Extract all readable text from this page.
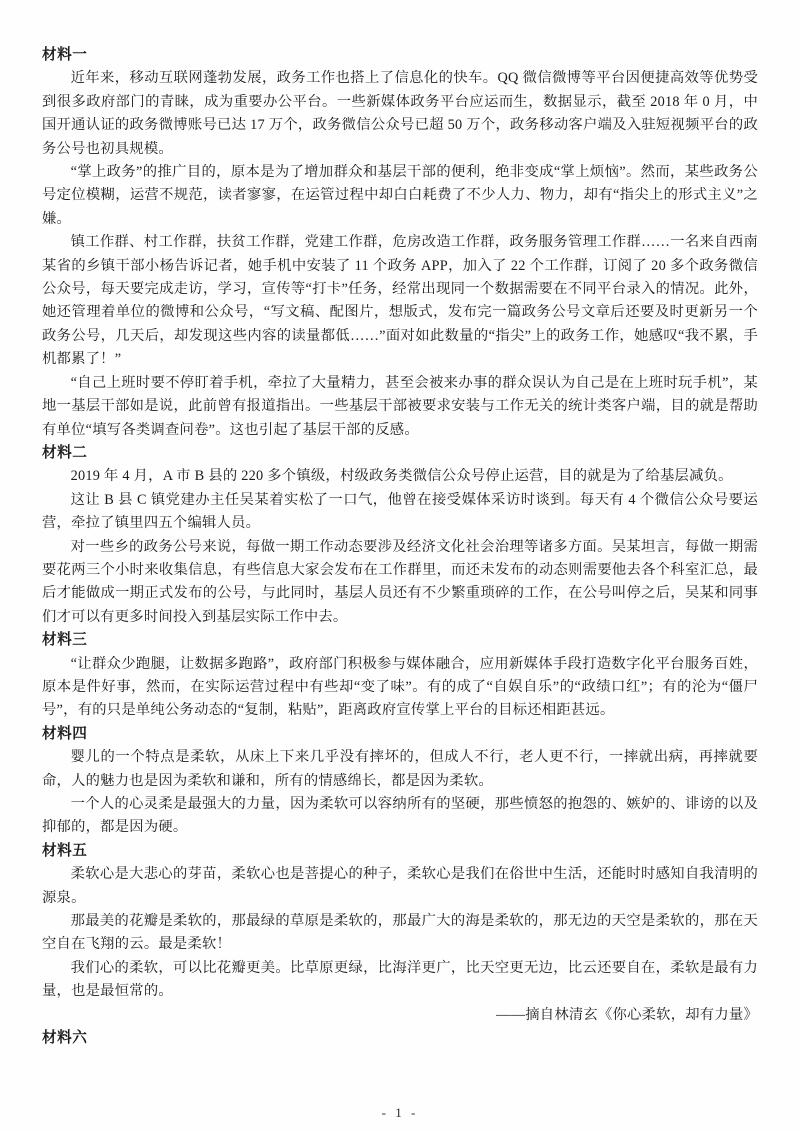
材料一

近年来，移动互联网蓬勃发展，政务工作也搭上了信息化的快车。QQ 微信微博等平台因便捷高效等优势受到很多政府部门的青睐，成为重要办公平台。一些新媒体政务平台应运而生，数据显示，截至 2018 年 0 月，中国开通认证的政务微博账号已达 17 万个，政务微信公众号已超 50 万个，政务移动客户端及入驻短视频平台的政务公号也初具规模。

“掌上政务”的推广目的，原本是为了增加群众和基层干部的便利，绝非变成“掌上烦恼”。然而，某些政务公号定位模糊，运营不规范，读者寥寥，在运管过程中却白白耗费了不少人力、物力，却有“指尖上的形式主义”之嫌。

镇工作群、村工作群，扶贫工作群，党建工作群，危房改造工作群，政务服务管理工作群……一名来自西南某省的乡镇干部小杨告诉记者，她手机中安装了 11 个政务 APP，加入了 22 个工作群，订阅了 20 多个政务微信公众号，每天要完成走访，学习，宣传等“打卡”任务，经常出现同一个数据需要在不同平台录入的情况。此外，她还管理着单位的微博和公众号，“写文稿、配图片，想版式，发布完一篇政务公号文章后还要及时更新另一个政务公号，几天后，却发现这些内容的读量都低……”面对如此数量的“指尖”上的政务工作，她感叹“我不累，手机都累了！”

“自己上班时要不停盯着手机，牵拉了大量精力，甚至会被来办事的群众误认为自己是在上班时玩手机”，某地一基层干部如是说，此前曾有报道指出。一些基层干部被要求安装与工作无关的统计类客户端，目的就是帮助有单位“填写各类调查问卷”。这也引起了基层干部的反感。

材料二

2019 年 4 月，A 市 B 县的 220 多个镇级，村级政务类微信公众号停止运营，目的就是为了给基层减负。

这让 B 县 C 镇党建办主任吴某着实松了一口气，他曾在接受媒体采访时谈到。每天有 4 个微信公众号要运营，牵拉了镇里四五个编辑人员。

对一些乡的政务公号来说，每做一期工作动态要涉及经济文化社会治理等诸多方面。吴某坦言，每做一期需要花两三个小时来收集信息，有些信息大家会发布在工作群里，而还未发布的动态则需要他去各个科室汇总，最后才能做成一期正式发布的公号，与此同时，基层人员还有不少繁重琐碎的工作，在公号叫停之后，吴某和同事们才可以有更多时间投入到基层实际工作中去。

材料三

“让群众少跑腿，让数据多跑路”，政府部门积极参与媒体融合，应用新媒体手段打造数字化平台服务百姓，原本是件好事，然而，在实际运营过程中有些却“变了味”。有的成了“自娱自乐”的“政绩口红”；有的沦为“僵尸号”，有的只是单纯公务动态的“复制，粘贴”，距离政府宣传掌上平台的目标还相距甚远。

材料四

婴儿的一个特点是柔软，从床上下来几乎没有摔坏的，但成人不行，老人更不行，一摔就出病，再摔就要命，人的魅力也是因为柔软和谦和，所有的情感绵长，都是因为柔软。

一个人的心灵柔是最强大的力量，因为柔软可以容纳所有的坚硬，那些愤怒的抱怨的、嫉妒的、诽谤的以及抑郁的，都是因为硬。

材料五

柔软心是大悲心的芽苗，柔软心也是菩提心的种子，柔软心是我们在俗世中生活，还能时时感知自我清明的源泉。

那最美的花瓣是柔软的，那最绿的草原是柔软的，那最广大的海是柔软的，那无边的天空是柔软的，那在天空自在飞翔的云。最是柔软！

我们心的柔软，可以比花瓣更美。比草原更绿，比海洋更广，比天空更无边，比云还要自在，柔软是最有力量，也是最恒常的。

——摘自林清玄《你心柔软，却有力量》

材料六
- 1 -
